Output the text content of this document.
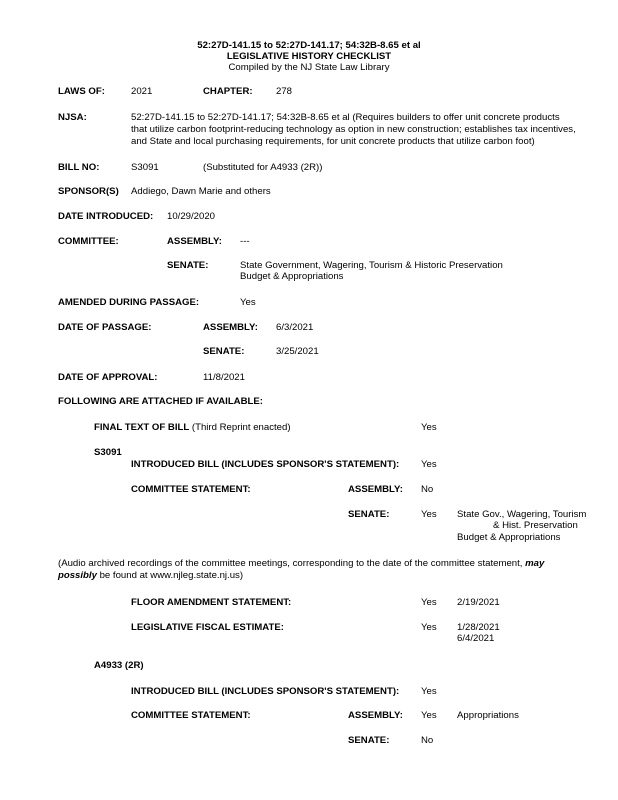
52:27D-141.15 to 52:27D-141.17; 54:32B-8.65 et al
LEGISLATIVE HISTORY CHECKLIST
Compiled by the NJ State Law Library
LAWS OF:	2021	CHAPTER: 278
NJSA:	52:27D-141.15 to 52:27D-141.17; 54:32B-8.65 et al (Requires builders to offer unit concrete products
that utilize carbon footprint-reducing technology as option in new construction; establishes tax incentives,
and State and local purchasing requirements, for unit concrete products that utilize carbon foot)
BILL NO:	S3091	(Substituted for A4933 (2R))
SPONSOR(S) Addiego, Dawn Marie and others
DATE INTRODUCED: 10/29/2020
COMMITTEE:	ASSEMBLY: ---
SENATE:	State Government, Wagering, Tourism & Historic Preservation
Budget & Appropriations
AMENDED DURING PASSAGE:	Yes
DATE OF PASSAGE:	ASSEMBLY: 6/3/2021
SENATE:	3/25/2021
DATE OF APPROVAL:	11/8/2021
FOLLOWING ARE ATTACHED IF AVAILABLE:
FINAL TEXT OF BILL (Third Reprint enacted)	Yes
S3091
INTRODUCED BILL (INCLUDES SPONSOR'S STATEMENT): Yes
COMMITTEE STATEMENT:	ASSEMBLY: No
SENATE:	Yes State Gov., Wagering, Tourism
& Hist. Preservation
Budget & Appropriations
(Audio archived recordings of the committee meetings, corresponding to the date of the committee statement, may
possibly be found at www.njleg.state.nj.us)
FLOOR AMENDMENT STATEMENT:	Yes 2/19/2021
LEGISLATIVE FISCAL ESTIMATE:	Yes 1/28/2021
6/4/2021
A4933 (2R)
INTRODUCED BILL (INCLUDES SPONSOR'S STATEMENT): Yes
COMMITTEE STATEMENT:	ASSEMBLY: Yes Appropriations
SENATE:	No
